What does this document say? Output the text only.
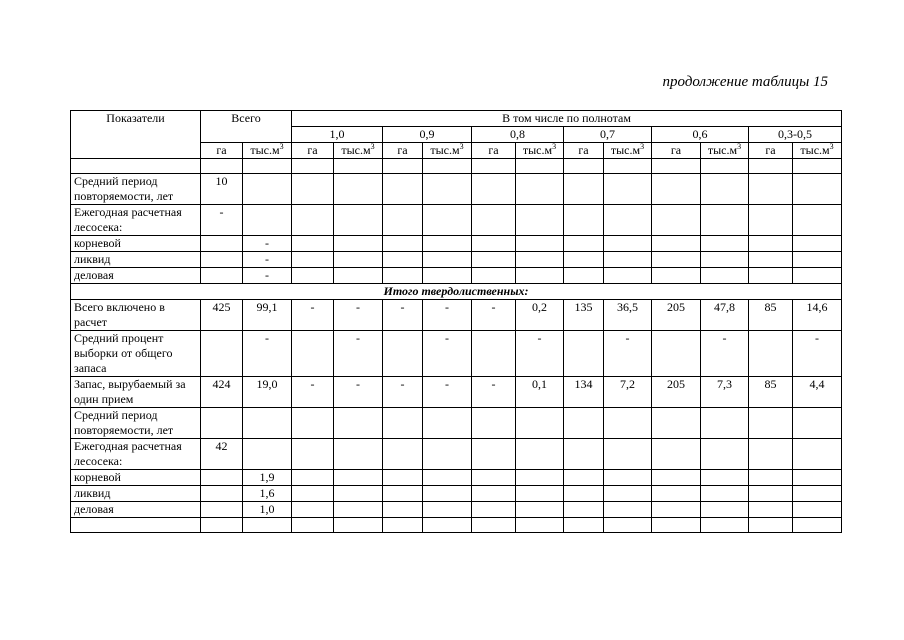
продолжение таблицы 15
Показатели	Всего		В том числе по полнотам											
			1,0		0,9		0,8		0,7		0,6		0,3-0,5	
	га	$тыс.м^3$	га	$тыс.м^3$	га	$тыс.м^3$	га	$тыс.м^3$	га	$тыс.м^3$	га	$тыс.м^3$	га	$тыс.м^3$

Средний период повторяемости, лет	10													
Ежегодная расчетная лесосека:	-													
корневой		-												
ликвид		-												
деловая		-												
Итого твердолиственных:														
Всего включено в расчет	425	99,1	-	-	-	-	-	0,2	135	36,5	205	47,8	85	14,6
Средний процент выборки от общего запаса		-		-		-		-		-		-		-
Запас, вырубаемый за один прием	424	19,0	-	-	-	-	-	0,1	134	7,2	205	7,3	85	4,4
Средний период повторяемости, лет														
Ежегодная расчетная лесосека:	42													
корневой		1,9												
ликвид		1,6												
деловая		1,0												
